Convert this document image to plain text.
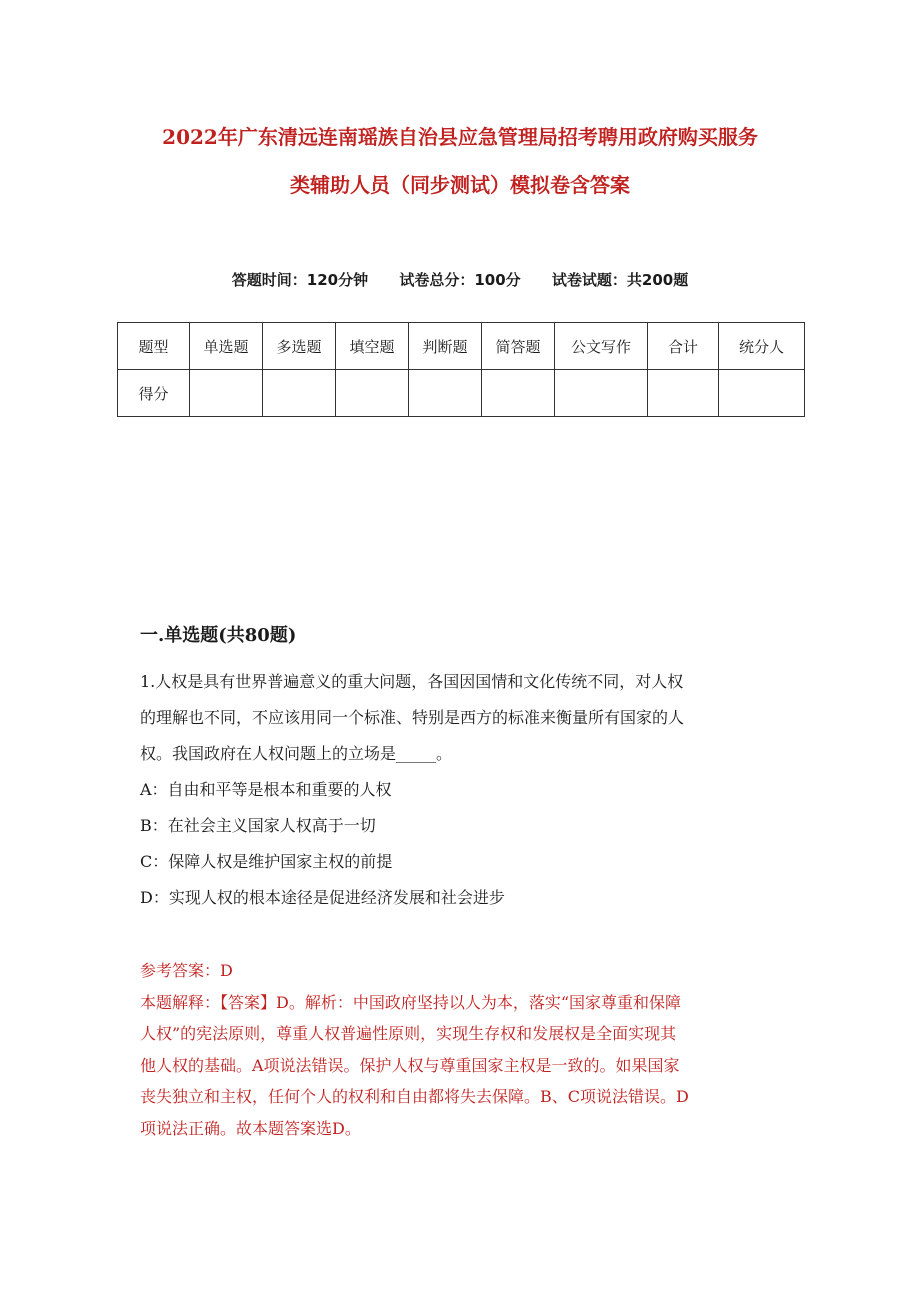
2022年广东清远连南瑶族自治县应急管理局招考聘用政府购买服务
类辅助人员（同步测试）模拟卷含答案
答题时间：120分钟 试卷总分：100分 试卷试题：共200题
题型	单选题	多选题	填空题	判断题	简答题	公文写作	合计	统分人
得分								
一.单选题(共80题)

1.人权是具有世界普遍意义的重大问题，各国因国情和文化传统不同，对人权

的理解也不同，不应该用同一个标准、特别是西方的标准来衡量所有国家的人

权。我国政府在人权问题上的立场是_____。

A：自由和平等是根本和重要的人权

B：在社会主义国家人权高于一切

C：保障人权是维护国家主权的前提

D：实现人权的根本途径是促进经济发展和社会进步

参考答案：D

本题解释：【答案】D。解析：中国政府坚持以人为本，落实“国家尊重和保障

人权”的宪法原则，尊重人权普遍性原则，实现生存权和发展权是全面实现其

他人权的基础。A项说法错误。保护人权与尊重国家主权是一致的。如果国家

丧失独立和主权，任何个人的权利和自由都将失去保障。B、C项说法错误。D

项说法正确。故本题答案选D。
